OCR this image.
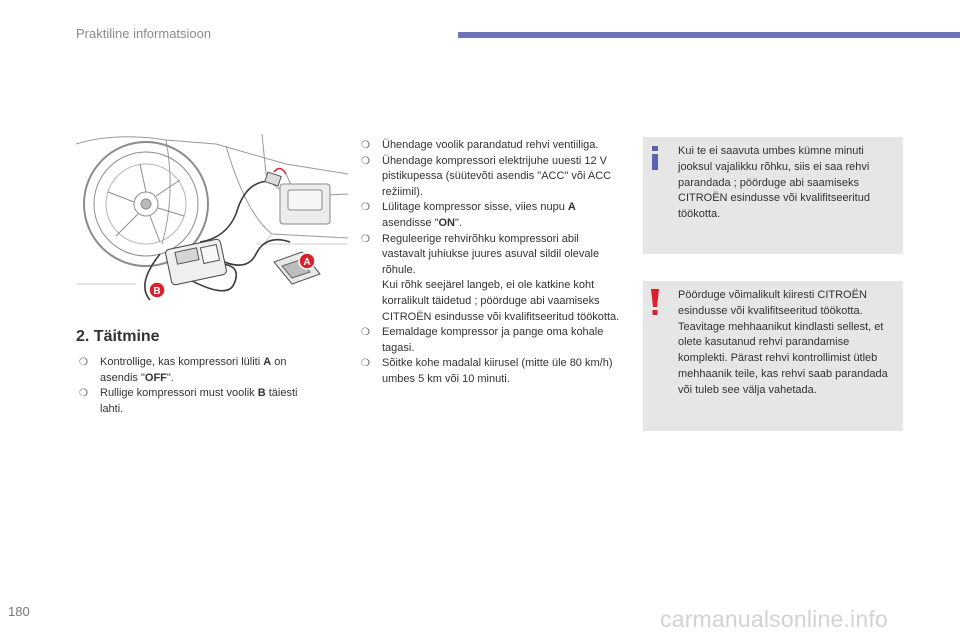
Praktiline informatsioon
A
B
2. Täitmine
❍ Kontrollige, kas kompressori lüliti A on asendis "OFF".
❍ Rullige kompressori must voolik B täiesti lahti.
❍ Ühendage voolik parandatud rehvi ventiiliga.
❍ Ühendage kompressori elektrijuhe uuesti 12 V pistikupessa (süütevõti asendis "ACC" või ACC režiimil).
❍ Lülitage kompressor sisse, viies nupu A asendisse "ON".
❍ Reguleerige rehvirõhku kompressori abil vastavalt juhiukse juures asuval sildil olevale rõhule.
Kui rõhk seejärel langeb, ei ole katkine koht korralikult täidetud ; pöörduge abi vaamiseks CITROËN esindusse või kvalifitseeritud töökotta.
❍ Eemaldage kompressor ja pange oma kohale tagasi.
❍ Sõitke kohe madalal kiirusel (mitte üle 80 km/h) umbes 5 km või 10 minuti.

Kui te ei saavuta umbes kümne minuti jooksul vajalikku rõhku, siis ei saa rehvi parandada ; pöörduge abi saamiseks CITROËN esindusse või kvalifitseeritud töökotta.

Pöörduge võimalikult kiiresti CITROËN esindusse või kvalifitseeritud töökotta. Teavitage mehhaanikut kindlasti sellest, et olete kasutanud rehvi parandamise komplekti. Pärast rehvi kontrollimist ütleb mehhaanik teile, kas rehvi saab parandada või tuleb see välja vahetada.

180	carmanualsonline.info
